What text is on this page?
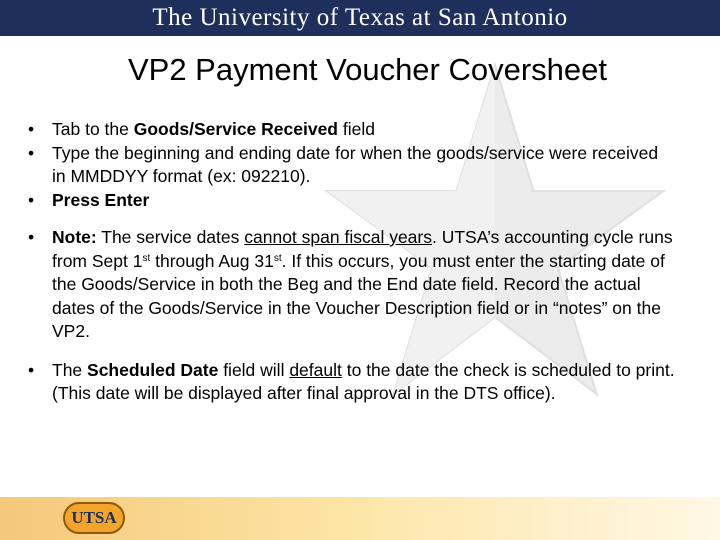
The University of Texas at San Antonio
VP2 Payment Voucher Coversheet
• Tab to the Goods/Service Received field
• Type the beginning and ending date for when the goods/service were received in MMDDYY format (ex: 092210).
• Press Enter
• Note: The service dates cannot span fiscal years. UTSA’s accounting cycle runs from Sept 1st through Aug 31st. If this occurs, you must enter the starting date of the Goods/Service in both the Beg and the End date field. Record the actual dates of the Goods/Service in the Voucher Description field or in “notes” on the VP2.
• The Scheduled Date field will default to the date the check is scheduled to print. (This date will be displayed after final approval in the DTS office).
UTSA
